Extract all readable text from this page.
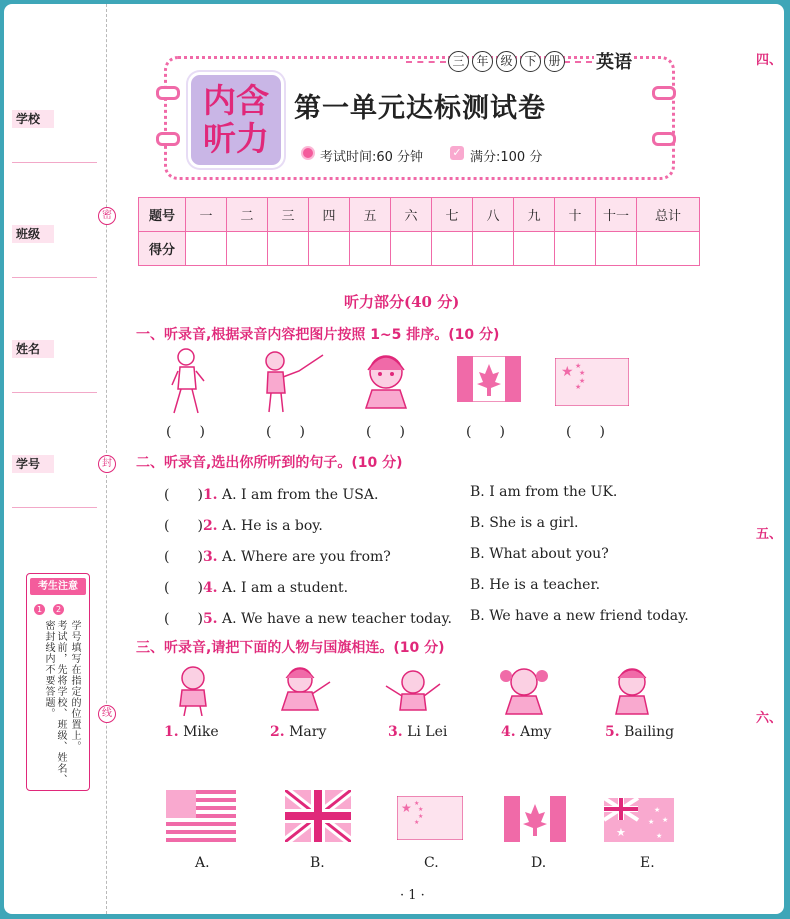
学校
班级
姓名
学号
密
封
线
考生注意
1	2
学号填写在指定的位置上。
考试前，先将学校、班级、姓名、密封线内不要答题。
四、
五、
六、
三 年 级 下 册	英语
内含
听力
第一单元达标测试卷
考试时间:60 分钟	✓ 满分:100 分
题号	一	二	三	四	五	六	七	八	九	十	十一	总计
得分												
听力部分(40 分)
一、听录音,根据录音内容把图片按照 1~5 排序。(10 分)
★ ★
★
★
★
(　　)	(　　)	(　　)	(　　)	(　　)
二、听录音,选出你所听到的句子。(10 分)
(　　)1. A. I am from the USA.	B. I am from the UK.
(　　)2. A. He is a boy.	B. She is a girl.
(　　)3. A. Where are you from?	B. What about you?
(　　)4. A. I am a student.	B. He is a teacher.
(　　)5. A. We have a new teacher today. B. We have a new friend today.
三、听录音,请把下面的人物与国旗相连。(10 分)
1. Mike	2. Mary	3. Li Lei	4. Amy	5. Bailing
★ ★
★
★
★
★
★
★ ★
★
A.	B.	C.	D.	E.
· 1 ·
